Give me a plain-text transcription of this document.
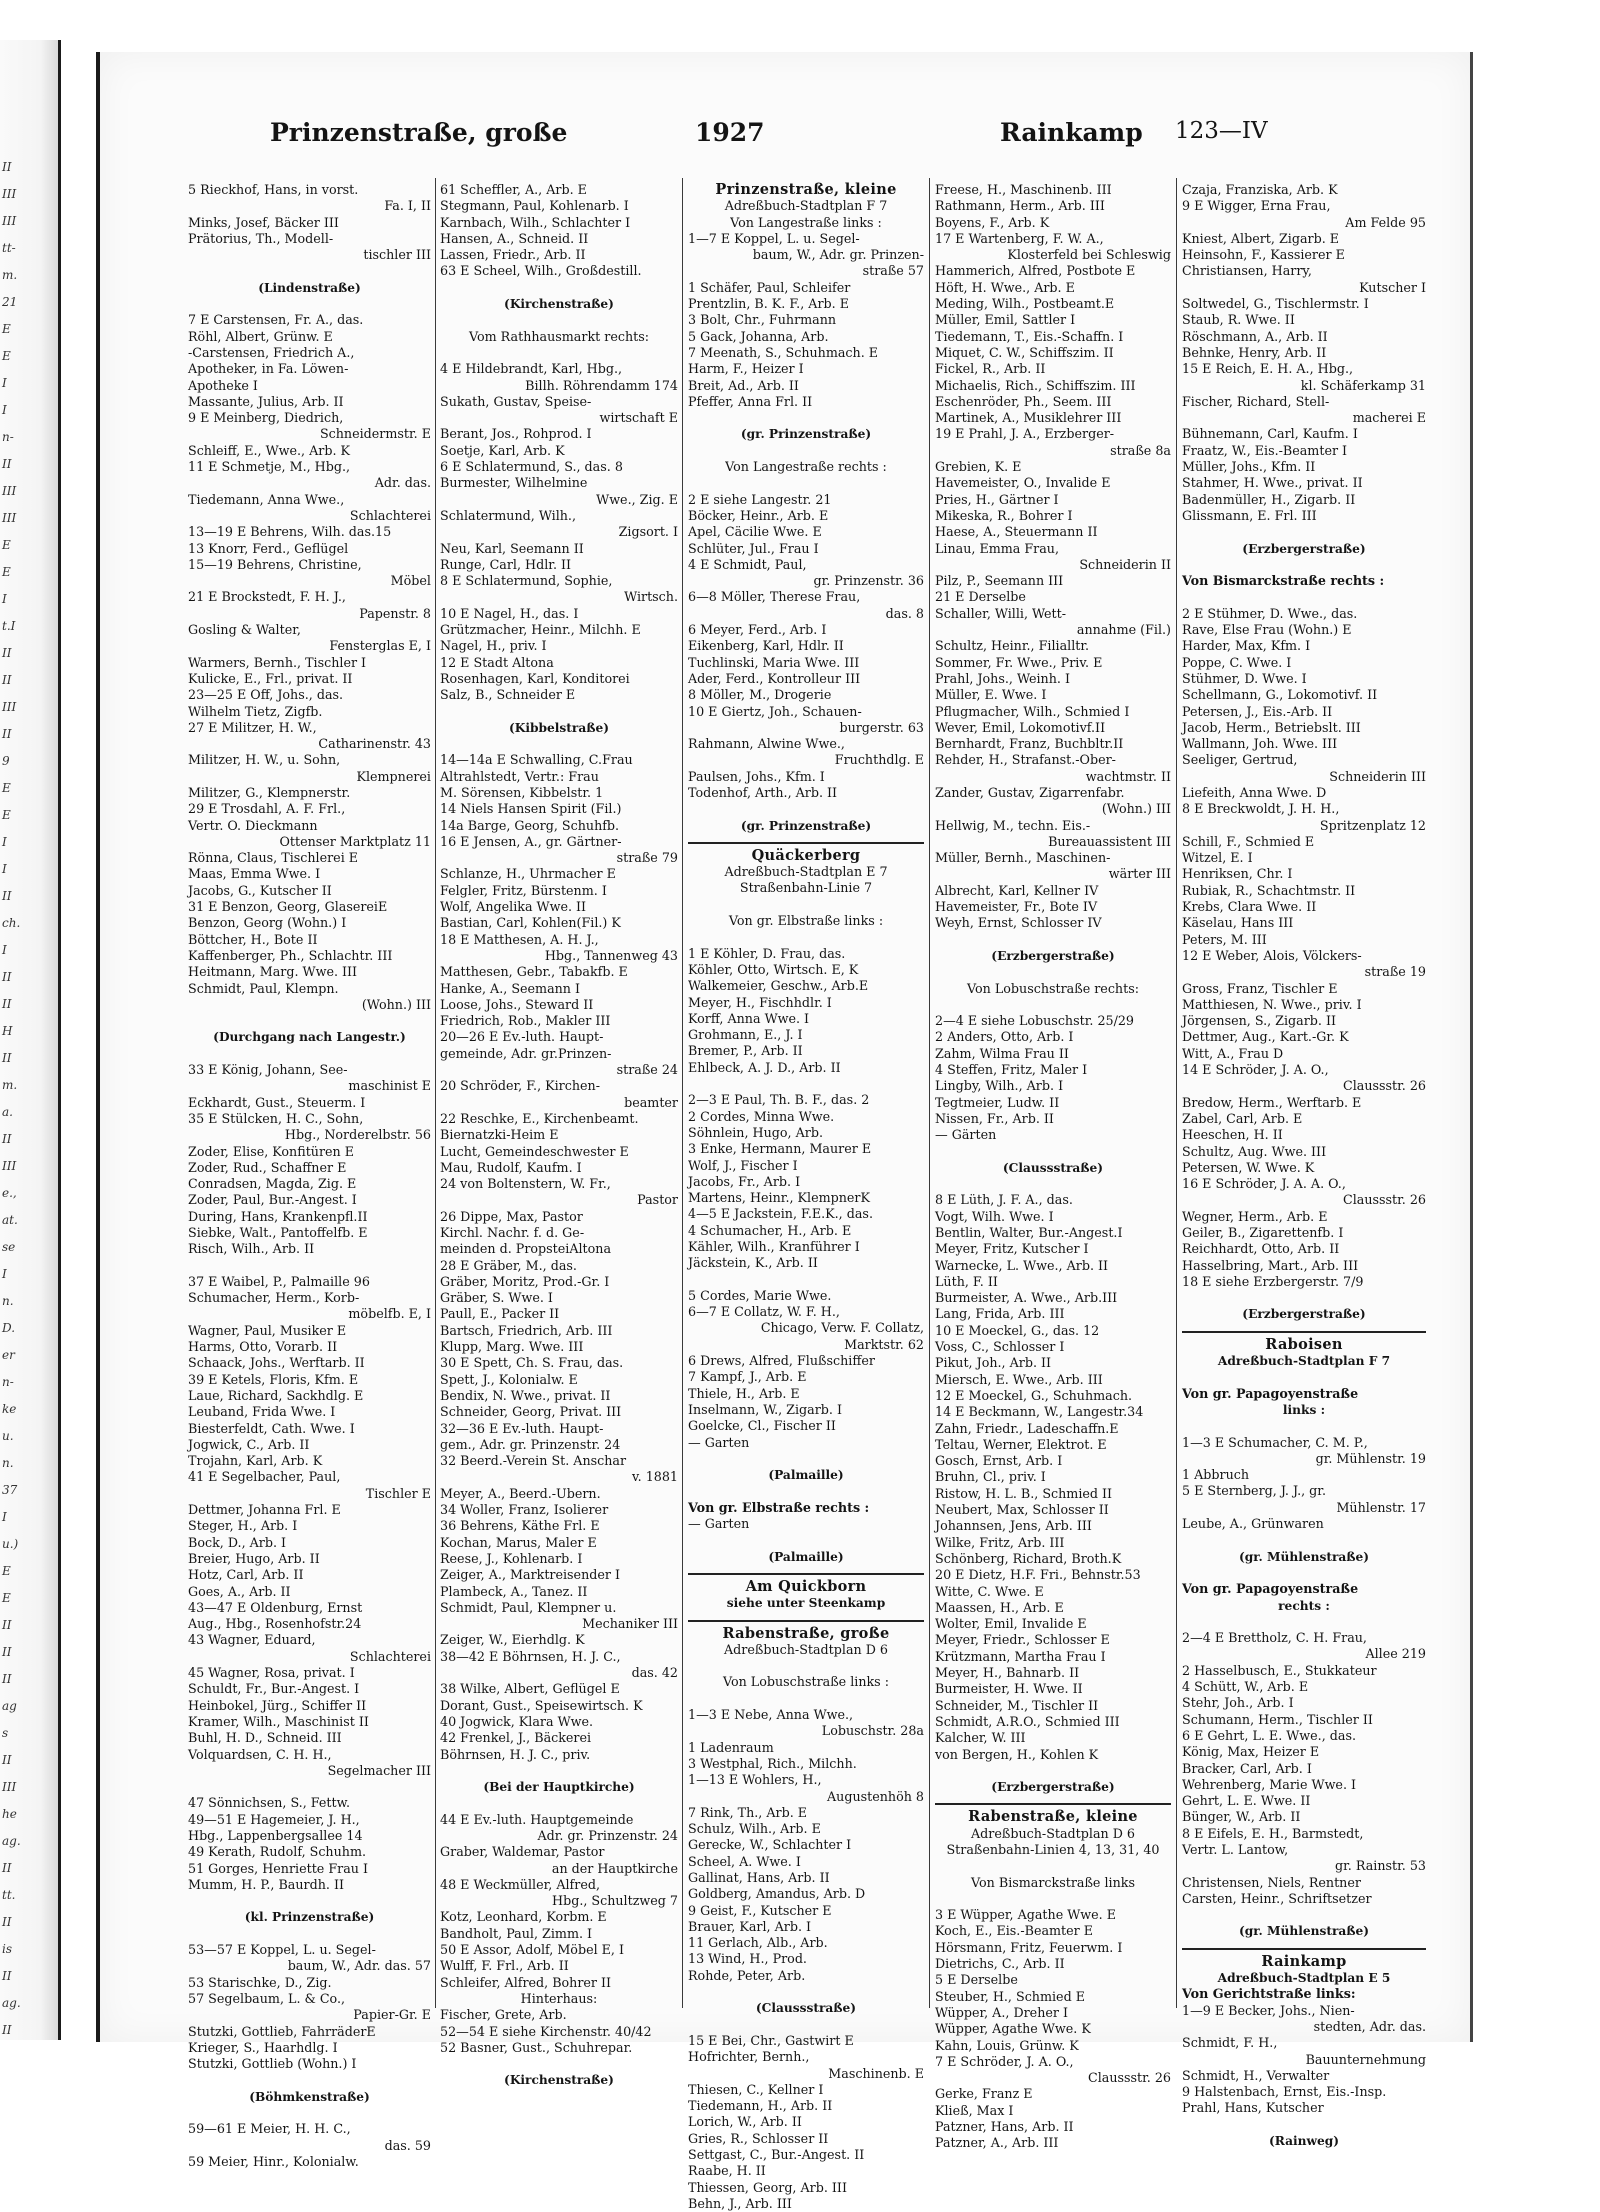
II
III
III
tt-
m.
21
E
E
I
I
n-
II
III
III
E
E
I
t.I
II
II
III
II
9
E
E
I
I
II
ch.
I
II
II
H
II
m.
a.
II
III
e.,
at.
se
I
n.
D.
er
n-
ke
u.
n.
37
I
u.)
E
E
II
II
II
ag
s
II
III
he
ag.
II
tt.
II
is
II
ag.
II
Prinzenstraße, große	1927	Rainkamp 123—IV
5 Rieckhof, Hans, in vorst.
Fa. I, II
Minks, Josef, Bäcker III
Prätorius, Th., Modell-
tischler III

(Lindenstraße)

7 E Carstensen, Fr. A., das.
Röhl, Albert, Grünw. E
-Carstensen, Friedrich A.,
Apotheker, in Fa. Löwen-
Apotheke I
Massante, Julius, Arb. II
9 E Meinberg, Diedrich,
Schneidermstr. E
Schleiff, E., Wwe., Arb. K
11 E Schmetje, M., Hbg.,
Adr. das.
Tiedemann, Anna Wwe.,
Schlachterei
13—19 E Behrens, Wilh. das.15
13 Knorr, Ferd., Geflügel
15—19 Behrens, Christine,
Möbel
21 E Brockstedt, F. H. J.,
Papenstr. 8
Gosling & Walter,
Fensterglas E, I
Warmers, Bernh., Tischler I
Kulicke, E., Frl., privat. II
23—25 E Off, Johs., das.
Wilhelm Tietz, Zigfb.
27 E Militzer, H. W.,
Catharinenstr. 43
Militzer, H. W., u. Sohn,
Klempnerei
Militzer, G., Klempnerstr.
29 E Trosdahl, A. F. Frl.,
Vertr. O. Dieckmann
Ottenser Marktplatz 11
Rönna, Claus, Tischlerei E
Maas, Emma Wwe. I
Jacobs, G., Kutscher II
31 E Benzon, Georg, GlasereiE
Benzon, Georg (Wohn.) I
Böttcher, H., Bote II
Kaffenberger, Ph., Schlachtr. III
Heitmann, Marg. Wwe. III
Schmidt, Paul, Klempn.
(Wohn.) III

(Durchgang nach Langestr.)

33 E König, Johann, See-
maschinist E
Eckhardt, Gust., Steuerm. I
35 E Stülcken, H. C., Sohn,
Hbg., Norderelbstr. 56
Zoder, Elise, Konfitüren E
Zoder, Rud., Schaffner E
Conradsen, Magda, Zig. E
Zoder, Paul, Bur.-Angest. I
During, Hans, Krankenpfl.II
Siebke, Walt., Pantoffelfb. E
Risch, Wilh., Arb. II

37 E Waibel, P., Palmaille 96
Schumacher, Herm., Korb-
möbelfb. E, I
Wagner, Paul, Musiker E
Harms, Otto, Vorarb. II
Schaack, Johs., Werftarb. II
39 E Ketels, Floris, Kfm. E
Laue, Richard, Sackhdlg. E
Leuband, Frida Wwe. I
Biesterfeldt, Cath. Wwe. I
Jogwick, C., Arb. II
Trojahn, Karl, Arb. K
41 E Segelbacher, Paul,
Tischler E
Dettmer, Johanna Frl. E
Steger, H., Arb. I
Bock, D., Arb. I
Breier, Hugo, Arb. II
Hotz, Carl, Arb. II
Goes, A., Arb. II
43—47 E Oldenburg, Ernst
Aug., Hbg., Rosenhofstr.24
43 Wagner, Eduard,
Schlachterei
45 Wagner, Rosa, privat. I
Schuldt, Fr., Bur.-Angest. I
Heinbokel, Jürg., Schiffer II
Kramer, Wilh., Maschinist II
Buhl, H. D., Schneid. III
Volquardsen, C. H. H.,
Segelmacher III

47 Sönnichsen, S., Fettw.
49—51 E Hagemeier, J. H.,
Hbg., Lappenbergsallee 14
49 Kerath, Rudolf, Schuhm.
51 Gorges, Henriette Frau I
Mumm, H. P., Baurdh. II

(kl. Prinzenstraße)

53—57 E Koppel, L. u. Segel-
baum, W., Adr. das. 57
53 Starischke, D., Zig.
57 Segelbaum, L. & Co.,
Papier-Gr. E
Stutzki, Gottlieb, FahrräderE
Krieger, S., Haarhdlg. I
Stutzki, Gottlieb (Wohn.) I

(Böhmkenstraße)

59—61 E Meier, H. H. C.,
das. 59
59 Meier, Hinr., Kolonialw.
61 Scheffler, A., Arb. E
Stegmann, Paul, Kohlenarb. I
Karnbach, Wilh., Schlachter I
Hansen, A., Schneid. II
Lassen, Friedr., Arb. II
63 E Scheel, Wilh., Großdestill.

(Kirchenstraße)

Vom Rathhausmarkt rechts:

4 E Hildebrandt, Karl, Hbg.,
Billh. Röhrendamm 174
Sukath, Gustav, Speise-
wirtschaft E
Berant, Jos., Rohprod. I
Soetje, Karl, Arb. K
6 E Schlatermund, S., das. 8
Burmester, Wilhelmine
Wwe., Zig. E
Schlatermund, Wilh.,
Zigsort. I
Neu, Karl, Seemann II
Runge, Carl, Hdlr. II
8 E Schlatermund, Sophie,
Wirtsch.
10 E Nagel, H., das. I
Grützmacher, Heinr., Milchh. E
Nagel, H., priv. I
12 E Stadt Altona
Rosenhagen, Karl, Konditorei
Salz, B., Schneider E

(Kibbelstraße)

14—14a E Schwalling, C.Frau
Altrahlstedt, Vertr.: Frau
M. Sörensen, Kibbelstr. 1
14 Niels Hansen Spirit (Fil.)
14a Barge, Georg, Schuhfb.
16 E Jensen, A., gr. Gärtner-
straße 79
Schlanze, H., Uhrmacher E
Felgler, Fritz, Bürstenm. I
Wolf, Angelika Wwe. II
Bastian, Carl, Kohlen(Fil.) K
18 E Matthesen, A. H. J.,
Hbg., Tannenweg 43
Matthesen, Gebr., Tabakfb. E
Hanke, A., Seemann I
Loose, Johs., Steward II
Friedrich, Rob., Makler III
20—26 E Ev.-luth. Haupt-
gemeinde, Adr. gr.Prinzen-
straße 24
20 Schröder, F., Kirchen-
beamter
22 Reschke, E., Kirchenbeamt.
Biernatzki-Heim E
Lucht, Gemeindeschwester E
Mau, Rudolf, Kaufm. I
24 von Boltenstern, W. Fr.,
Pastor
26 Dippe, Max, Pastor
Kirchl. Nachr. f. d. Ge-
meinden d. PropsteiAltona
28 E Gräber, M., das.
Gräber, Moritz, Prod.-Gr. I
Gräber, S. Wwe. I
Paull, E., Packer II
Bartsch, Friedrich, Arb. III
Klupp, Marg. Wwe. III
30 E Spett, Ch. S. Frau, das.
Spett, J., Kolonialw. E
Bendix, N. Wwe., privat. II
Schneider, Georg, Privat. III
32—36 E Ev.-luth. Haupt-
gem., Adr. gr. Prinzenstr. 24
32 Beerd.-Verein St. Anschar
v. 1881
Meyer, A., Beerd.-Ubern.
34 Woller, Franz, Isolierer
36 Behrens, Käthe Frl. E
Kochan, Marus, Maler E
Reese, J., Kohlenarb. I
Zeiger, A., Marktreisender I
Plambeck, A., Tanez. II
Schmidt, Paul, Klempner u.
Mechaniker III
Zeiger, W., Eierhdlg. K
38—42 E Böhrnsen, H. J. C.,
das. 42
38 Wilke, Albert, Geflügel E
Dorant, Gust., Speisewirtsch. K
40 Jogwick, Klara Wwe.
42 Frenkel, J., Bäckerei
Böhrnsen, H. J. C., priv.

(Bei der Hauptkirche)

44 E Ev.-luth. Hauptgemeinde
Adr. gr. Prinzenstr. 24
Graber, Waldemar, Pastor
an der Hauptkirche
48 E Weckmüller, Alfred,
Hbg., Schultzweg 7
Kotz, Leonhard, Korbm. E
Bandholt, Paul, Zimm. I
50 E Assor, Adolf, Möbel E, I
Wulff, F. Frl., Arb. II
Schleifer, Alfred, Bohrer II
Hinterhaus:
Fischer, Grete, Arb.
52—54 E siehe Kirchenstr. 40/42
52 Basner, Gust., Schuhrepar.

(Kirchenstraße)
Prinzenstraße, kleine
Adreßbuch-Stadtplan F 7
Von Langestraße links :
1—7 E Koppel, L. u. Segel-
baum, W., Adr. gr. Prinzen-
straße 57
1 Schäfer, Paul, Schleifer
Prentzlin, B. K. F., Arb. E
3 Bolt, Chr., Fuhrmann
5 Gack, Johanna, Arb.
7 Meenath, S., Schuhmach. E
Harm, F., Heizer I
Breit, Ad., Arb. II
Pfeffer, Anna Frl. II

(gr. Prinzenstraße)

Von Langestraße rechts :

2 E siehe Langestr. 21
Böcker, Heinr., Arb. E
Apel, Cäcilie Wwe. E
Schlüter, Jul., Frau I
4 E Schmidt, Paul,
gr. Prinzenstr. 36
6—8 Möller, Therese Frau,
das. 8
6 Meyer, Ferd., Arb. I
Eikenberg, Karl, Hdlr. II
Tuchlinski, Maria Wwe. III
Ader, Ferd., Kontrolleur III
8 Möller, M., Drogerie
10 E Giertz, Joh., Schauen-
burgerstr. 63
Rahmann, Alwine Wwe.,
Fruchthdlg. E
Paulsen, Johs., Kfm. I
Todenhof, Arth., Arb. II

(gr. Prinzenstraße)
Quäckerberg
Adreßbuch-Stadtplan E 7
Straßenbahn-Linie 7

Von gr. Elbstraße links :

1 E Köhler, D. Frau, das.
Köhler, Otto, Wirtsch. E, K
Walkemeier, Geschw., Arb.E
Meyer, H., Fischhdlr. I
Korff, Anna Wwe. I
Grohmann, E., J. I
Bremer, P., Arb. II
Ehlbeck, A. J. D., Arb. II

2—3 E Paul, Th. B. F., das. 2
2 Cordes, Minna Wwe.
Söhnlein, Hugo, Arb.
3 Enke, Hermann, Maurer E
Wolf, J., Fischer I
Jacobs, Fr., Arb. I
Martens, Heinr., KlempnerK
4—5 E Jackstein, F.E.K., das.
4 Schumacher, H., Arb. E
Kähler, Wilh., Kranführer I
Jäckstein, K., Arb. II

5 Cordes, Marie Wwe.
6—7 E Collatz, W. F. H.,
Chicago, Verw. F. Collatz,
Marktstr. 62
6 Drews, Alfred, Flußschiffer
7 Kampf, J., Arb. E
Thiele, H., Arb. E
Inselmann, W., Zigarb. I
Goelcke, Cl., Fischer II
— Garten

(Palmaille)

Von gr. Elbstraße rechts :
— Garten

(Palmaille)
Am Quickborn
siehe unter Steenkamp
Rabenstraße, große
Adreßbuch-Stadtplan D 6

Von Lobuschstraße links :

1—3 E Nebe, Anna Wwe.,
Lobuschstr. 28a
1 Ladenraum
3 Westphal, Rich., Milchh.
1—13 E Wohlers, H.,
Augustenhöh 8
7 Rink, Th., Arb. E
Schulz, Wilh., Arb. E
Gerecke, W., Schlachter I
Scheel, A. Wwe. I
Gallinat, Hans, Arb. II
Goldberg, Amandus, Arb. D
9 Geist, F., Kutscher E
Brauer, Karl, Arb. I
11 Gerlach, Alb., Arb.
13 Wind, H., Prod.
Rohde, Peter, Arb.

(Claussstraße)

15 E Bei, Chr., Gastwirt E
Hofrichter, Bernh.,
Maschinenb. E
Thiesen, C., Kellner I
Tiedemann, H., Arb. II
Lorich, W., Arb. II
Gries, R., Schlosser II
Settgast, C., Bur.-Angest. II
Raabe, H. II
Thiessen, Georg, Arb. III
Behn, J., Arb. III
Freese, H., Maschinenb. III
Rathmann, Herm., Arb. III
Boyens, F., Arb. K
17 E Wartenberg, F. W. A.,
Klosterfeld bei Schleswig
Hammerich, Alfred, Postbote E
Höft, H. Wwe., Arb. E
Meding, Wilh., Postbeamt.E
Müller, Emil, Sattler I
Tiedemann, T., Eis.-Schaffn. I
Miquet, C. W., Schiffszim. II
Fickel, R., Arb. II
Michaelis, Rich., Schiffszim. III
Eschenröder, Ph., Seem. III
Martinek, A., Musiklehrer III
19 E Prahl, J. A., Erzberger-
straße 8a
Grebien, K. E
Havemeister, O., Invalide E
Pries, H., Gärtner I
Mikeska, R., Bohrer I
Haese, A., Steuermann II
Linau, Emma Frau,
Schneiderin II
Pilz, P., Seemann III
21 E Derselbe
Schaller, Willi, Wett-
annahme (Fil.)
Schultz, Heinr., Filialltr.
Sommer, Fr. Wwe., Priv. E
Prahl, Johs., Weinh. I
Müller, E. Wwe. I
Pflugmacher, Wilh., Schmied I
Wever, Emil, Lokomotivf.II
Bernhardt, Franz, Buchbltr.II
Rehder, H., Strafanst.-Ober-
wachtmstr. II
Zander, Gustav, Zigarrenfabr.
(Wohn.) III
Hellwig, M., techn. Eis.-
Bureauassistent III
Müller, Bernh., Maschinen-
wärter III
Albrecht, Karl, Kellner IV
Havemeister, Fr., Bote IV
Weyh, Ernst, Schlosser IV

(Erzbergerstraße)

Von Lobuschstraße rechts:

2—4 E siehe Lobuschstr. 25/29
2 Anders, Otto, Arb. I
Zahm, Wilma Frau II
4 Steffen, Fritz, Maler I
Lingby, Wilh., Arb. I
Tegtmeier, Ludw. II
Nissen, Fr., Arb. II
— Gärten

(Claussstraße)

8 E Lüth, J. F. A., das.
Vogt, Wilh. Wwe. I
Bentlin, Walter, Bur.-Angest.I
Meyer, Fritz, Kutscher I
Warnecke, L. Wwe., Arb. II
Lüth, F. II
Burmeister, A. Wwe., Arb.III
Lang, Frida, Arb. III
10 E Moeckel, G., das. 12
Voss, C., Schlosser I
Pikut, Joh., Arb. II
Miersch, E. Wwe., Arb. III
12 E Moeckel, G., Schuhmach.
14 E Beckmann, W., Langestr.34
Zahn, Friedr., Ladeschaffn.E
Teltau, Werner, Elektrot. E
Gosch, Ernst, Arb. I
Bruhn, Cl., priv. I
Ristow, H. L. B., Schmied II
Neubert, Max, Schlosser II
Johannsen, Jens, Arb. III
Wilke, Fritz, Arb. III
Schönberg, Richard, Broth.K
20 E Dietz, H.F. Fri., Behnstr.53
Witte, C. Wwe. E
Maassen, H., Arb. E
Wolter, Emil, Invalide E
Meyer, Friedr., Schlosser E
Krützmann, Martha Frau I
Meyer, H., Bahnarb. II
Burmeister, H. Wwe. II
Schneider, M., Tischler II
Schmidt, A.R.O., Schmied III
Kalcher, W. III
von Bergen, H., Kohlen K

(Erzbergerstraße)
Rabenstraße, kleine
Adreßbuch-Stadtplan D 6
Straßenbahn-Linien 4, 13, 31, 40

Von Bismarckstraße links

3 E Wüpper, Agathe Wwe. E
Koch, E., Eis.-Beamter E
Hörsmann, Fritz, Feuerwm. I
Dietrichs, C., Arb. II
5 E Derselbe
Steuber, H., Schmied E
Wüpper, A., Dreher I
Wüpper, Agathe Wwe. K
Kahn, Louis, Grünw. K
7 E Schröder, J. A. O.,
Claussstr. 26
Gerke, Franz E
Kließ, Max I
Patzner, Hans, Arb. II
Patzner, A., Arb. III
Czaja, Franziska, Arb. K
9 E Wigger, Erna Frau,
Am Felde 95
Kniest, Albert, Zigarb. E
Heinsohn, F., Kassierer E
Christiansen, Harry,
Kutscher I
Soltwedel, G., Tischlermstr. I
Staub, R. Wwe. II
Röschmann, A., Arb. II
Behnke, Henry, Arb. II
15 E Reich, E. H. A., Hbg.,
kl. Schäferkamp 31
Fischer, Richard, Stell-
macherei E
Bühnemann, Carl, Kaufm. I
Fraatz, W., Eis.-Beamter I
Müller, Johs., Kfm. II
Stahmer, H. Wwe., privat. II
Badenmüller, H., Zigarb. II
Glissmann, E. Frl. III

(Erzbergerstraße)

Von Bismarckstraße rechts :

2 E Stühmer, D. Wwe., das.
Rave, Else Frau (Wohn.) E
Harder, Max, Kfm. I
Poppe, C. Wwe. I
Stühmer, D. Wwe. I
Schellmann, G., Lokomotivf. II
Petersen, J., Eis.-Arb. II
Jacob, Herm., Betriebslt. III
Wallmann, Joh. Wwe. III
Seeliger, Gertrud,
Schneiderin III
Liefeith, Anna Wwe. D
8 E Breckwoldt, J. H. H.,
Spritzenplatz 12
Schill, F., Schmied E
Witzel, E. I
Henriksen, Chr. I
Rubiak, R., Schachtmstr. II
Krebs, Clara Wwe. II
Käselau, Hans III
Peters, M. III
12 E Weber, Alois, Völckers-
straße 19
Gross, Franz, Tischler E
Matthiesen, N. Wwe., priv. I
Jörgensen, S., Zigarb. II
Dettmer, Aug., Kart.-Gr. K
Witt, A., Frau D
14 E Schröder, J. A. O.,
Claussstr. 26
Bredow, Herm., Werftarb. E
Zabel, Carl, Arb. E
Heeschen, H. II
Schultz, Aug. Wwe. III
Petersen, W. Wwe. K
16 E Schröder, J. A. A. O.,
Claussstr. 26
Wegner, Herm., Arb. E
Geiler, B., Zigarettenfb. I
Reichhardt, Otto, Arb. II
Hasselbring, Mart., Arb. III
18 E siehe Erzbergerstr. 7/9

(Erzbergerstraße)
Raboisen
Adreßbuch-Stadtplan F 7

Von gr. Papagoyenstraße
links :

1—3 E Schumacher, C. M. P.,
gr. Mühlenstr. 19
1 Abbruch
5 E Sternberg, J. J., gr.
Mühlenstr. 17
Leube, A., Grünwaren

(gr. Mühlenstraße)

Von gr. Papagoyenstraße
rechts :

2—4 E Brettholz, C. H. Frau,
Allee 219
2 Hasselbusch, E., Stukkateur
4 Schütt, W., Arb. E
Stehr, Joh., Arb. I
Schumann, Herm., Tischler II
6 E Gehrt, L. E. Wwe., das.
König, Max, Heizer E
Bracker, Carl, Arb. I
Wehrenberg, Marie Wwe. I
Gehrt, L. E. Wwe. II
Bünger, W., Arb. II
8 E Eifels, E. H., Barmstedt,
Vertr. L. Lantow,
gr. Rainstr. 53
Christensen, Niels, Rentner
Carsten, Heinr., Schriftsetzer

(gr. Mühlenstraße)
Rainkamp
Adreßbuch-Stadtplan E 5
Von Gerichtstraße links:
1—9 E Becker, Johs., Nien-
stedten, Adr. das.
Schmidt, F. H.,
Bauunternehmung
Schmidt, H., Verwalter
9 Halstenbach, Ernst, Eis.-Insp.
Prahl, Hans, Kutscher

(Rainweg)
